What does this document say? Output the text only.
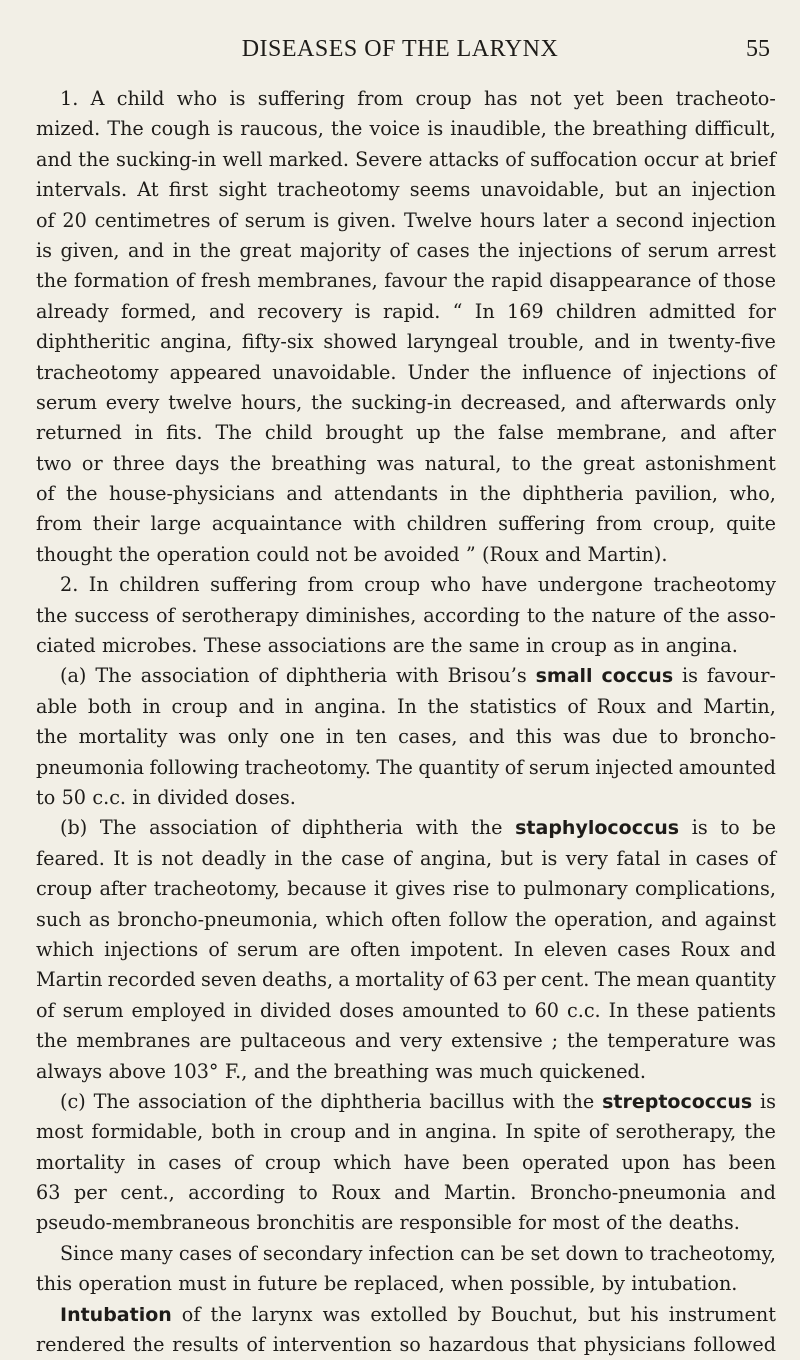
DISEASES OF THE LARYNX	55
1. A child who is suffering from croup has not yet been tracheoto-
mized. The cough is raucous, the voice is inaudible, the breathing difficult,
and the sucking-in well marked. Severe attacks of suffocation occur at brief
intervals. At first sight tracheotomy seems unavoidable, but an injection
of 20 centimetres of serum is given. Twelve hours later a second injection
is given, and in the great majority of cases the injections of serum arrest
the formation of fresh membranes, favour the rapid disappearance of those
already formed, and recovery is rapid. “ In 169 children admitted for
diphtheritic angina, fifty-six showed laryngeal trouble, and in twenty-five
tracheotomy appeared unavoidable. Under the influence of injections of
serum every twelve hours, the sucking-in decreased, and afterwards only
returned in fits. The child brought up the false membrane, and after
two or three days the breathing was natural, to the great astonishment
of the house-physicians and attendants in the diphtheria pavilion, who,
from their large acquaintance with children suffering from croup, quite
thought the operation could not be avoided ” (Roux and Martin).
2. In children suffering from croup who have undergone tracheotomy
the success of serotherapy diminishes, according to the nature of the asso-
ciated microbes. These associations are the same in croup as in angina.
(a) The association of diphtheria with Brisou’s small coccus is favour-
able both in croup and in angina. In the statistics of Roux and Martin,
the mortality was only one in ten cases, and this was due to broncho-
pneumonia following tracheotomy. The quantity of serum injected amounted
to 50 c.c. in divided doses.
(b) The association of diphtheria with the staphylococcus is to be
feared. It is not deadly in the case of angina, but is very fatal in cases of
croup after tracheotomy, because it gives rise to pulmonary complications,
such as broncho-pneumonia, which often follow the operation, and against
which injections of serum are often impotent. In eleven cases Roux and
Martin recorded seven deaths, a mortality of 63 per cent. The mean quantity
of serum employed in divided doses amounted to 60 c.c. In these patients
the membranes are pultaceous and very extensive ; the temperature was
always above 103° F., and the breathing was much quickened.
(c) The association of the diphtheria bacillus with the streptococcus is
most formidable, both in croup and in angina. In spite of serotherapy, the
mortality in cases of croup which have been operated upon has been
63 per cent., according to Roux and Martin. Broncho-pneumonia and
pseudo-membraneous bronchitis are responsible for most of the deaths.
Since many cases of secondary infection can be set down to tracheotomy,
this operation must in future be replaced, when possible, by intubation.
Intubation of the larynx was extolled by Bouchut, but his instrument
rendered the results of intervention so hazardous that physicians followed
